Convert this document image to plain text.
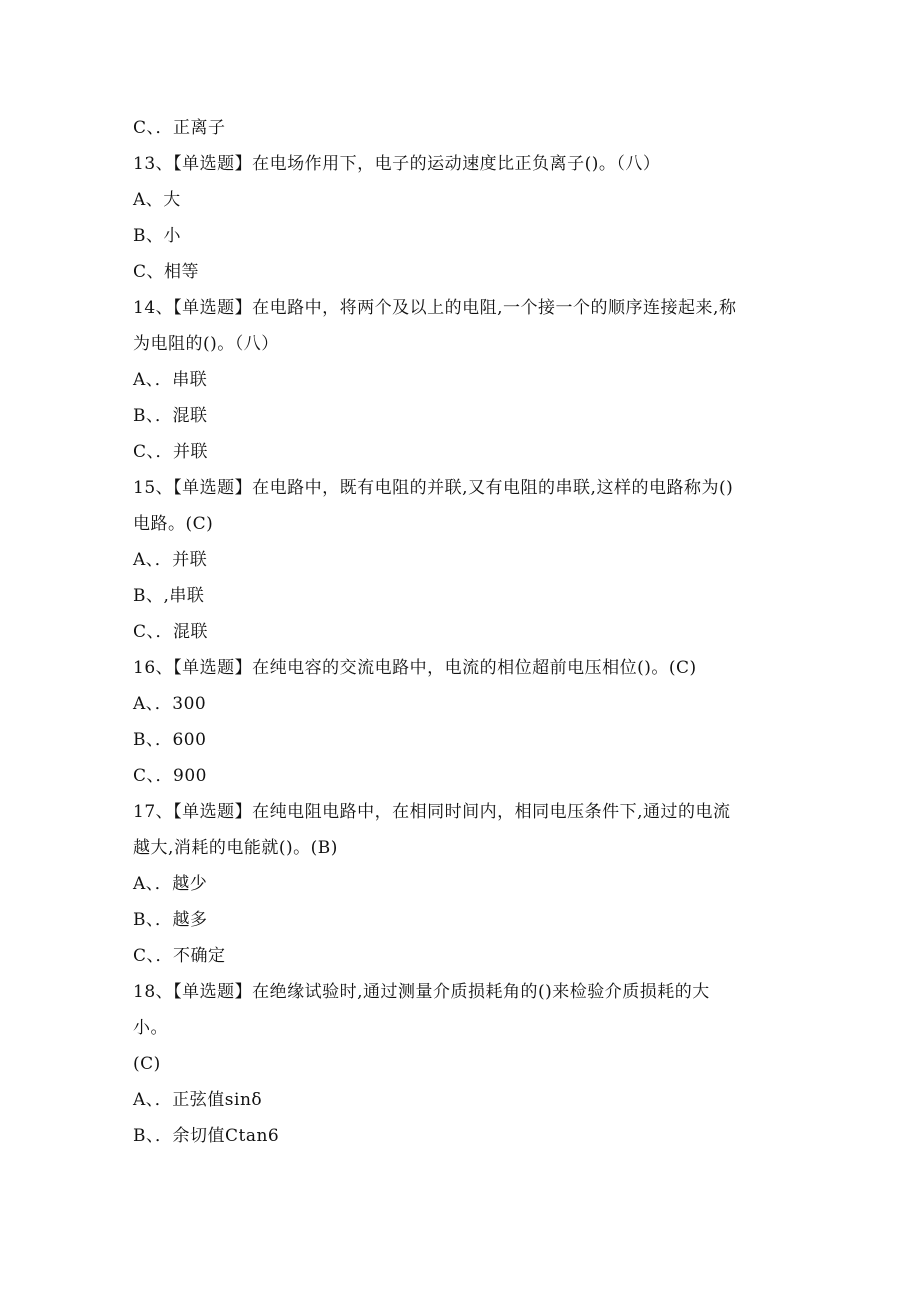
C、．正离子
13、【单选题】在电场作用下，电子的运动速度比正负离子()。（八）
A、大
B、小
C、相等
14、【单选题】在电路中，将两个及以上的电阻,一个接一个的顺序连接起来,称
为电阻的()。（八）
A、．串联
B、．混联
C、．并联
15、【单选题】在电路中，既有电阻的并联,又有电阻的串联,这样的电路称为()
电路。(C)
A、．并联
B、,串联
C、．混联
16、【单选题】在纯电容的交流电路中，电流的相位超前电压相位()。(C)
A、．300
B、．600
C、．900
17、【单选题】在纯电阻电路中，在相同时间内，相同电压条件下,通过的电流
越大,消耗的电能就()。(B)
A、．越少
B、．越多
C、．不确定
18、【单选题】在绝缘试验时,通过测量介质损耗角的()来检验介质损耗的大
小。
(C)
A、．正弦值sinδ
B、．余切值Ctan6
